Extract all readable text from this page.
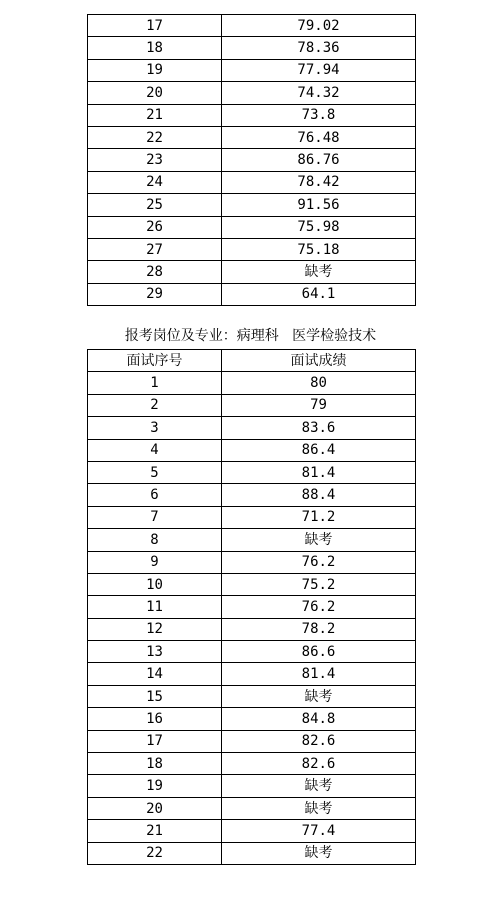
17	79.02
18	78.36
19	77.94
20	74.32
21	73.8
22	76.48
23	86.76
24	78.42
25	91.56
26	75.98
27	75.18
28	缺考
29	64.1
报考岗位及专业：病理科   医学检验技术
面试序号	面试成绩
1	80
2	79
3	83.6
4	86.4
5	81.4
6	88.4
7	71.2
8	缺考
9	76.2
10	75.2
11	76.2
12	78.2
13	86.6
14	81.4
15	缺考
16	84.8
17	82.6
18	82.6
19	缺考
20	缺考
21	77.4
22	缺考
